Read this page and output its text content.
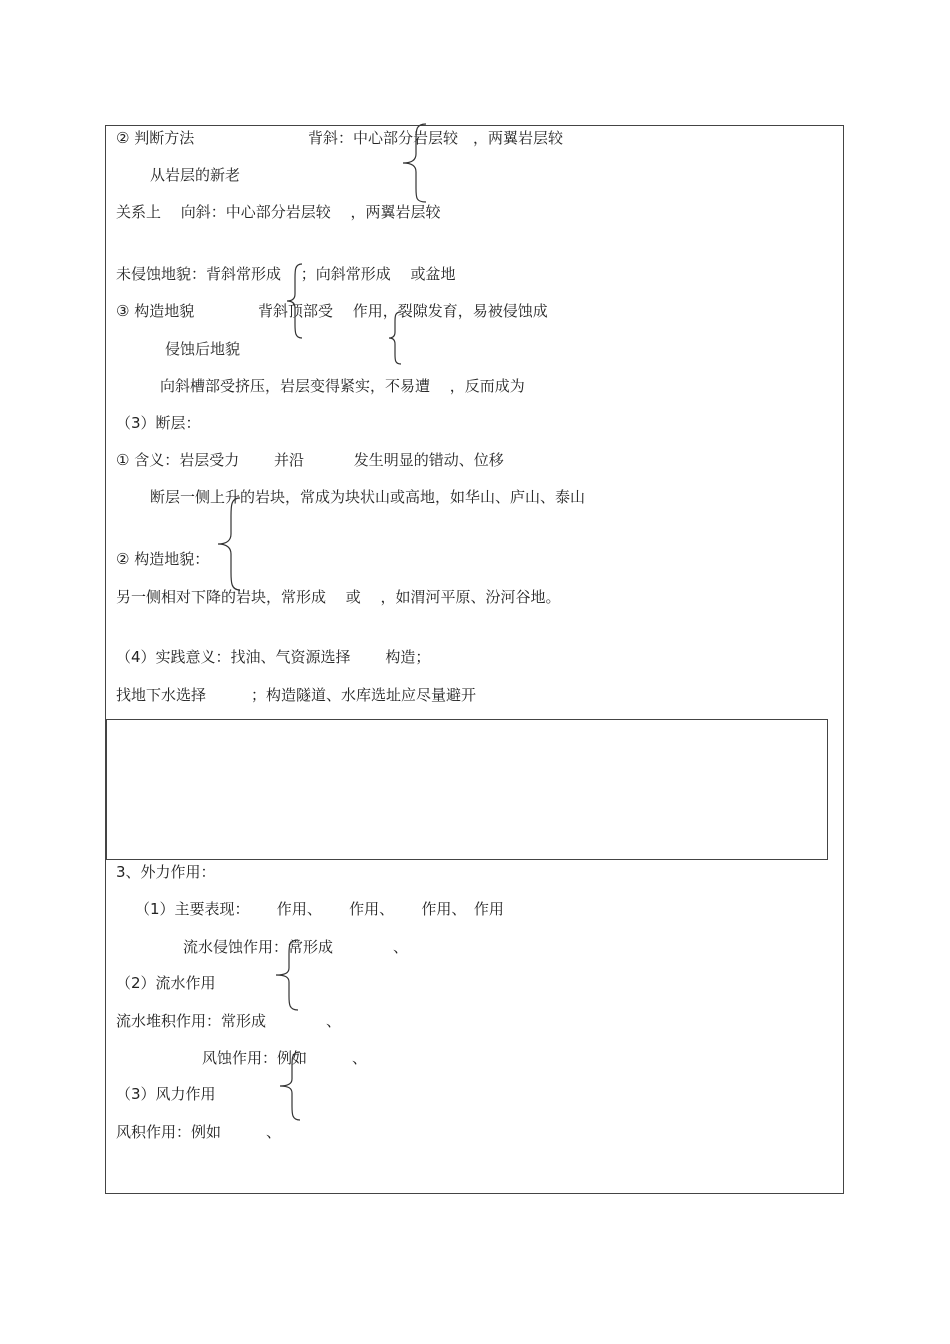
② 判断方法	背斜：中心部分岩层较　，两翼岩层较
从岩层的新老
关系上　 向斜：中心部分岩层较　 ，两翼岩层较
未侵蚀地貌：背斜常形成　 ；向斜常形成　 或盆地
③ 构造地貌	背斜顶部受　 作用，裂隙发育，易被侵蚀成
侵蚀后地貌
向斜槽部受挤压，岩层变得紧实，不易遭　 ，反而成为
（3）断层：
① 含义：岩层受力　　 并沿　　　 发生明显的错动、位移
断层一侧上升的岩块，常成为块状山或高地，如华山、庐山、泰山
② 构造地貌：
另一侧相对下降的岩块，常形成　 或　 ，如渭河平原、汾河谷地。
（4）实践意义：找油、气资源选择　　 构造；
找地下水选择　　　；构造隧道、水库选址应尽量避开
3、外力作用：
（1）主要表现：　　 作用、　　 作用、　　 作用、　作用
流水侵蚀作用：常形成　　　　、
（2）流水作用
流水堆积作用：常形成　　　　、
风蚀作用：例如　　　、
（3）风力作用
风积作用：例如　　　、
